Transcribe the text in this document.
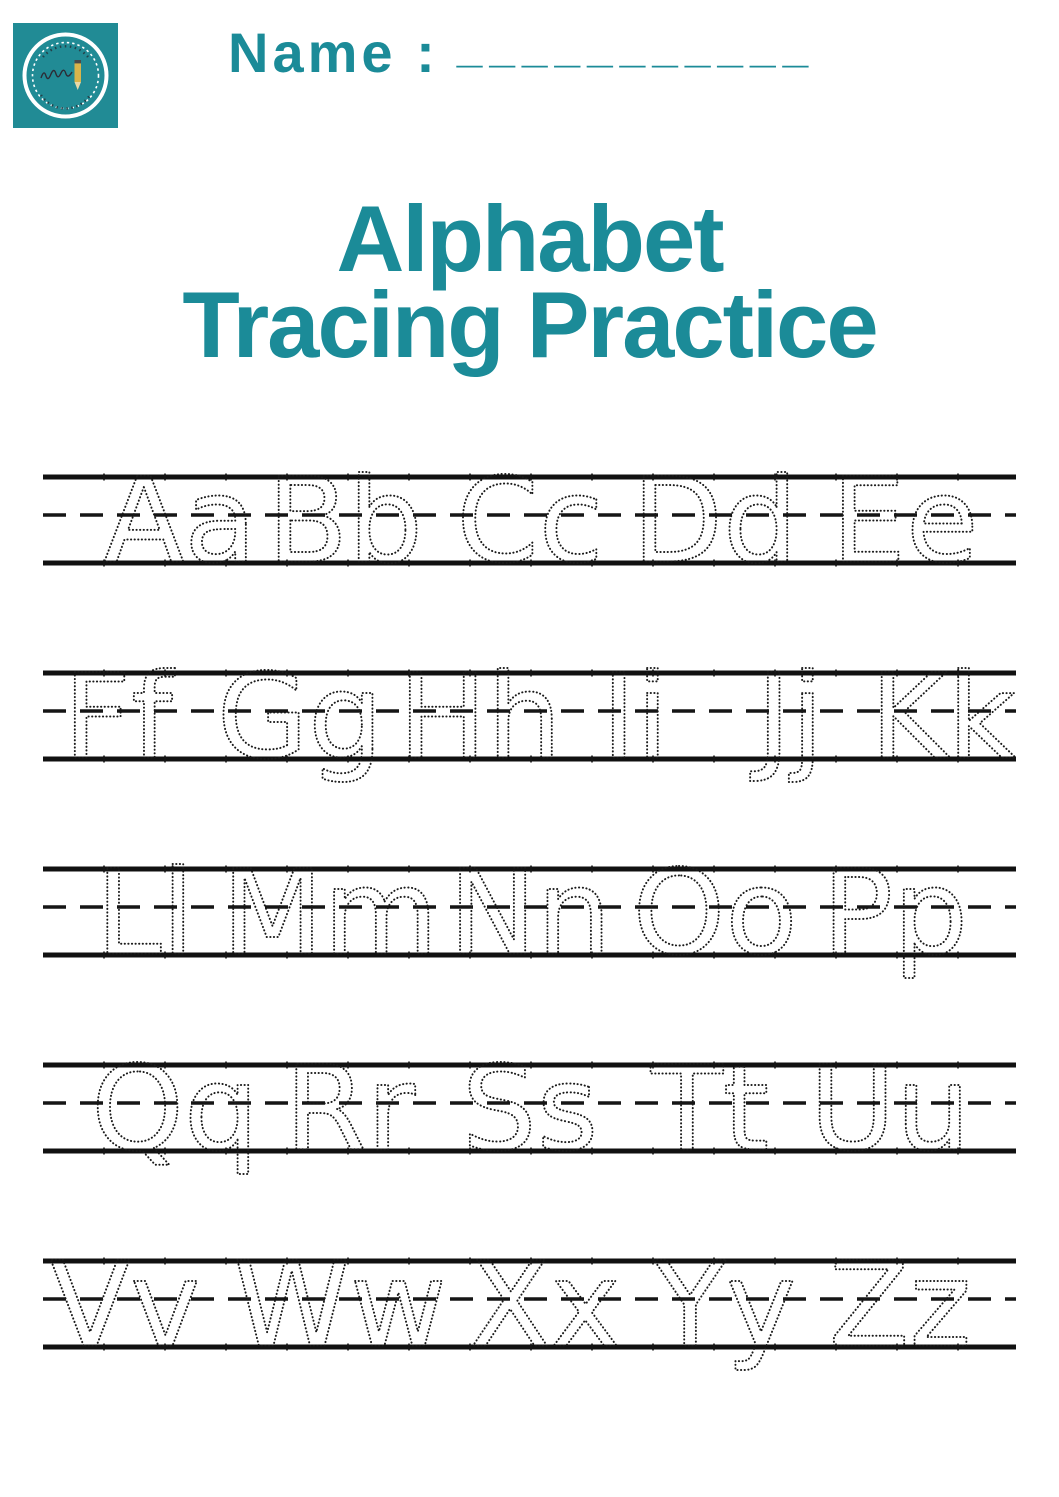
Name : ___________
Alphabet
Tracing Practice
Aa Bb Cc Dd Ee
Ff Gg Hh Ii Jj Kk
Ll Mm Nn Oo Pp
Qq Rr Ss Tt Uu
Vv Ww Xx Yy Zz
